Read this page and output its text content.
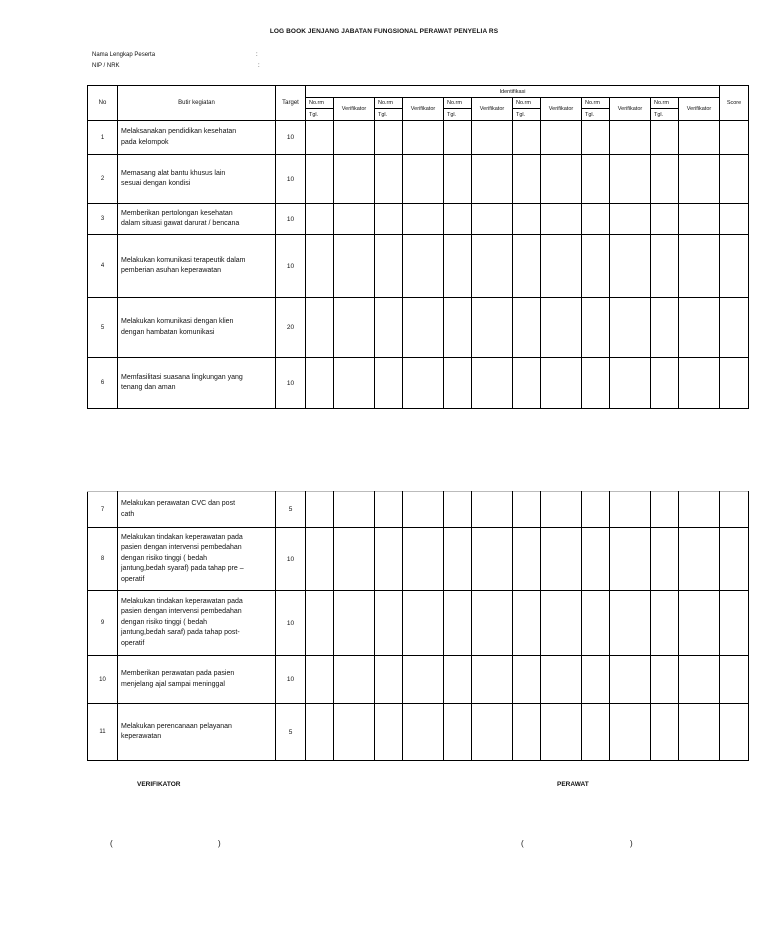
LOG BOOK JENJANG JABATAN FUNGSIONAL PERAWAT PENYELIA RS
Nama Lengkap Peserta	:
NIP / NRK	:
No	Butir kegiatan	Target	Identifikasi												Score
			No.rm	Verifikator	No.rm	Verifikator	No.rm	Verifikator	No.rm	Verifikator	No.rm	Verifikator	No.rm	Verifikator	
			Tgl.		Tgl.		Tgl.		Tgl.		Tgl.		Tgl.		
1	Melaksanakan pendidikan kesehatan
pada kelompok	10													
2	Memasang alat bantu khusus lain
sesuai dengan kondisi	10													
3	Memberikan pertolongan kesehatan
dalam situasi gawat darurat / bencana	10													
4	Melakukan komunikasi terapeutik dalam
pemberian asuhan keperawatan	10													
5	Melakukan komunikasi dengan klien
dengan hambatan komunikasi	20													
6	Memfasilitasi suasana lingkungan yang
tenang dan aman	10													
7	Melakukan perawatan CVC dan post
cath	5													
8	Melakukan tindakan keperawatan pada
pasien dengan intervensi pembedahan
dengan risiko tinggi ( bedah
jantung,bedah syaraf) pada tahap pre –
operatif	10													
9	Melakukan tindakan keperawatan pada
pasien dengan intervensi pembedahan
dengan risiko tinggi ( bedah
jantung,bedah saraf) pada tahap post-
operatif	10													
10	Memberikan perawatan pada pasien
menjelang ajal sampai meninggal	10													
11	Melakukan perencanaan pelayanan
keperawatan	5													
VERIFIKATOR	PERAWAT
(	)	(	)
